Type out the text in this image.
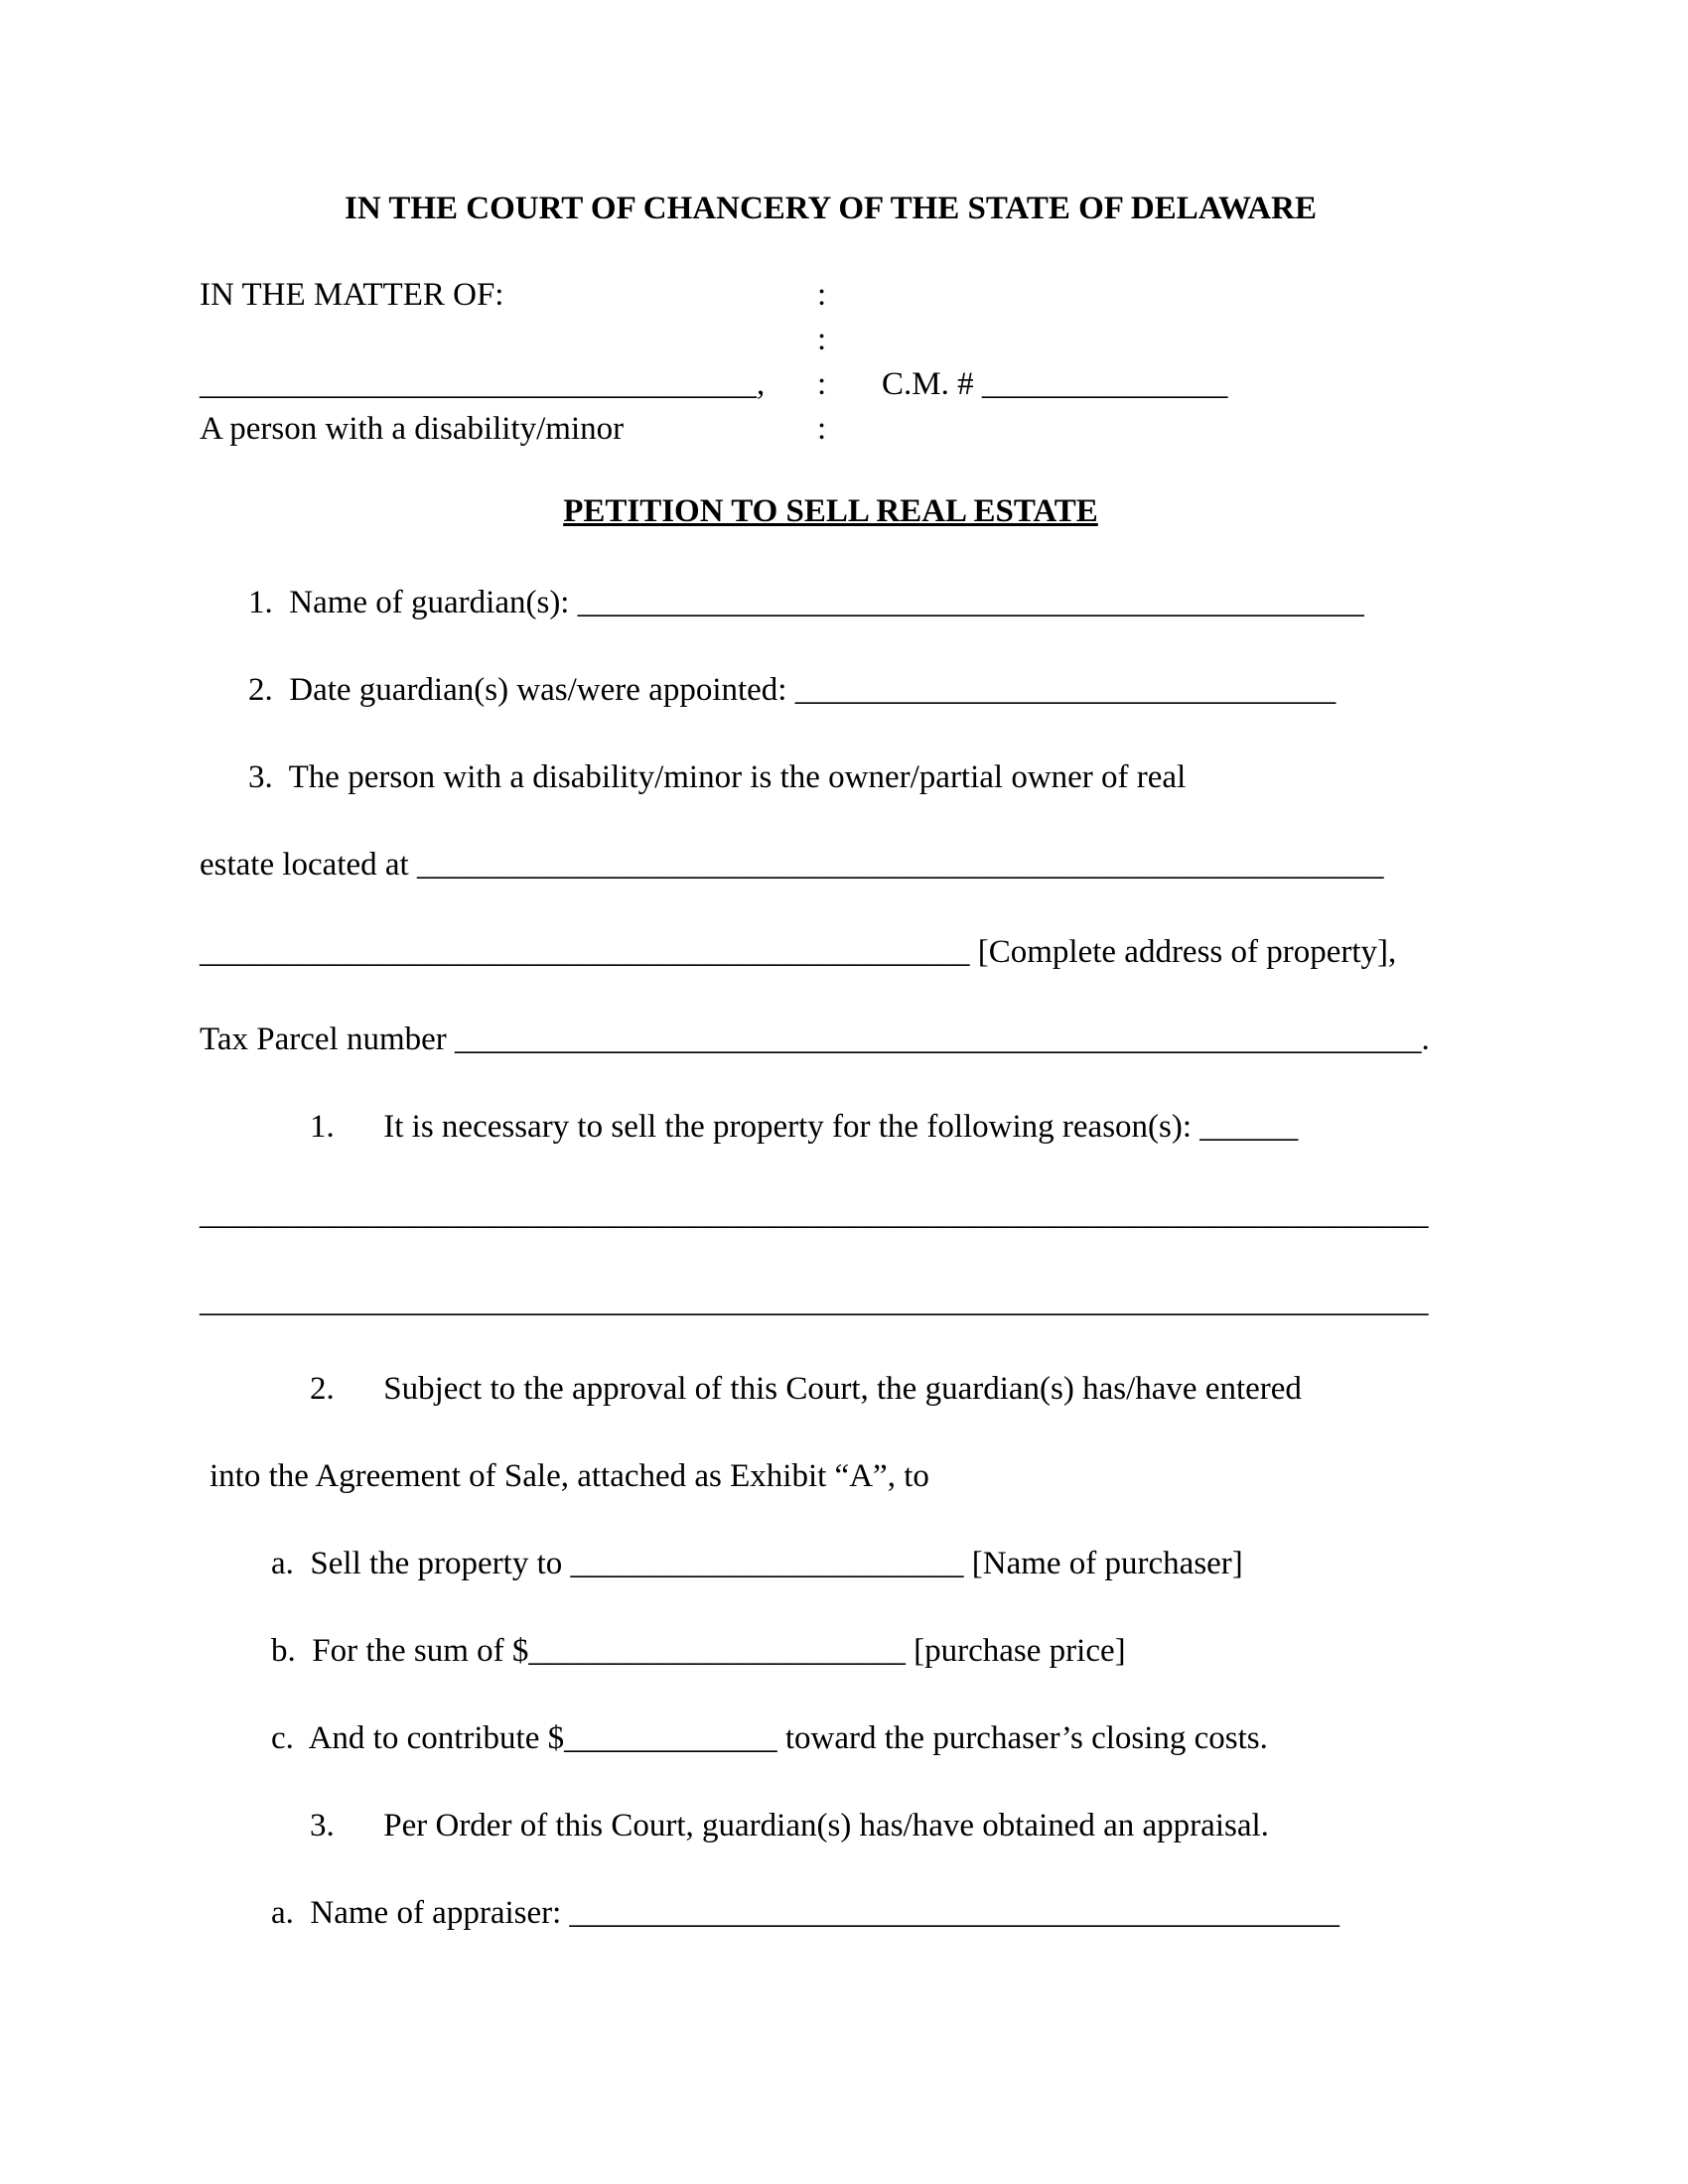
IN THE COURT OF CHANCERY OF THE STATE OF DELAWARE
IN THE MATTER OF:	:
:
__________________________________,	:	C.M. # _______________
A person with a disability/minor	:
PETITION TO SELL REAL ESTATE
1.  Name of guardian(s): ________________________________________________
2.  Date guardian(s) was/were appointed: _________________________________
3.  The person with a disability/minor is the owner/partial owner of real
estate located at ___________________________________________________________
_______________________________________________ [Complete address of property],
Tax Parcel number ___________________________________________________________.
1.      It is necessary to sell the property for the following reason(s): ______
___________________________________________________________________________
___________________________________________________________________________
2.      Subject to the approval of this Court, the guardian(s) has/have entered
into the Agreement of Sale, attached as Exhibit “A”, to
a.  Sell the property to ________________________ [Name of purchaser]
b.  For the sum of $_______________________ [purchase price]
c.  And to contribute $_____________ toward the purchaser’s closing costs.
3.      Per Order of this Court, guardian(s) has/have obtained an appraisal.
a.  Name of appraiser: _______________________________________________
